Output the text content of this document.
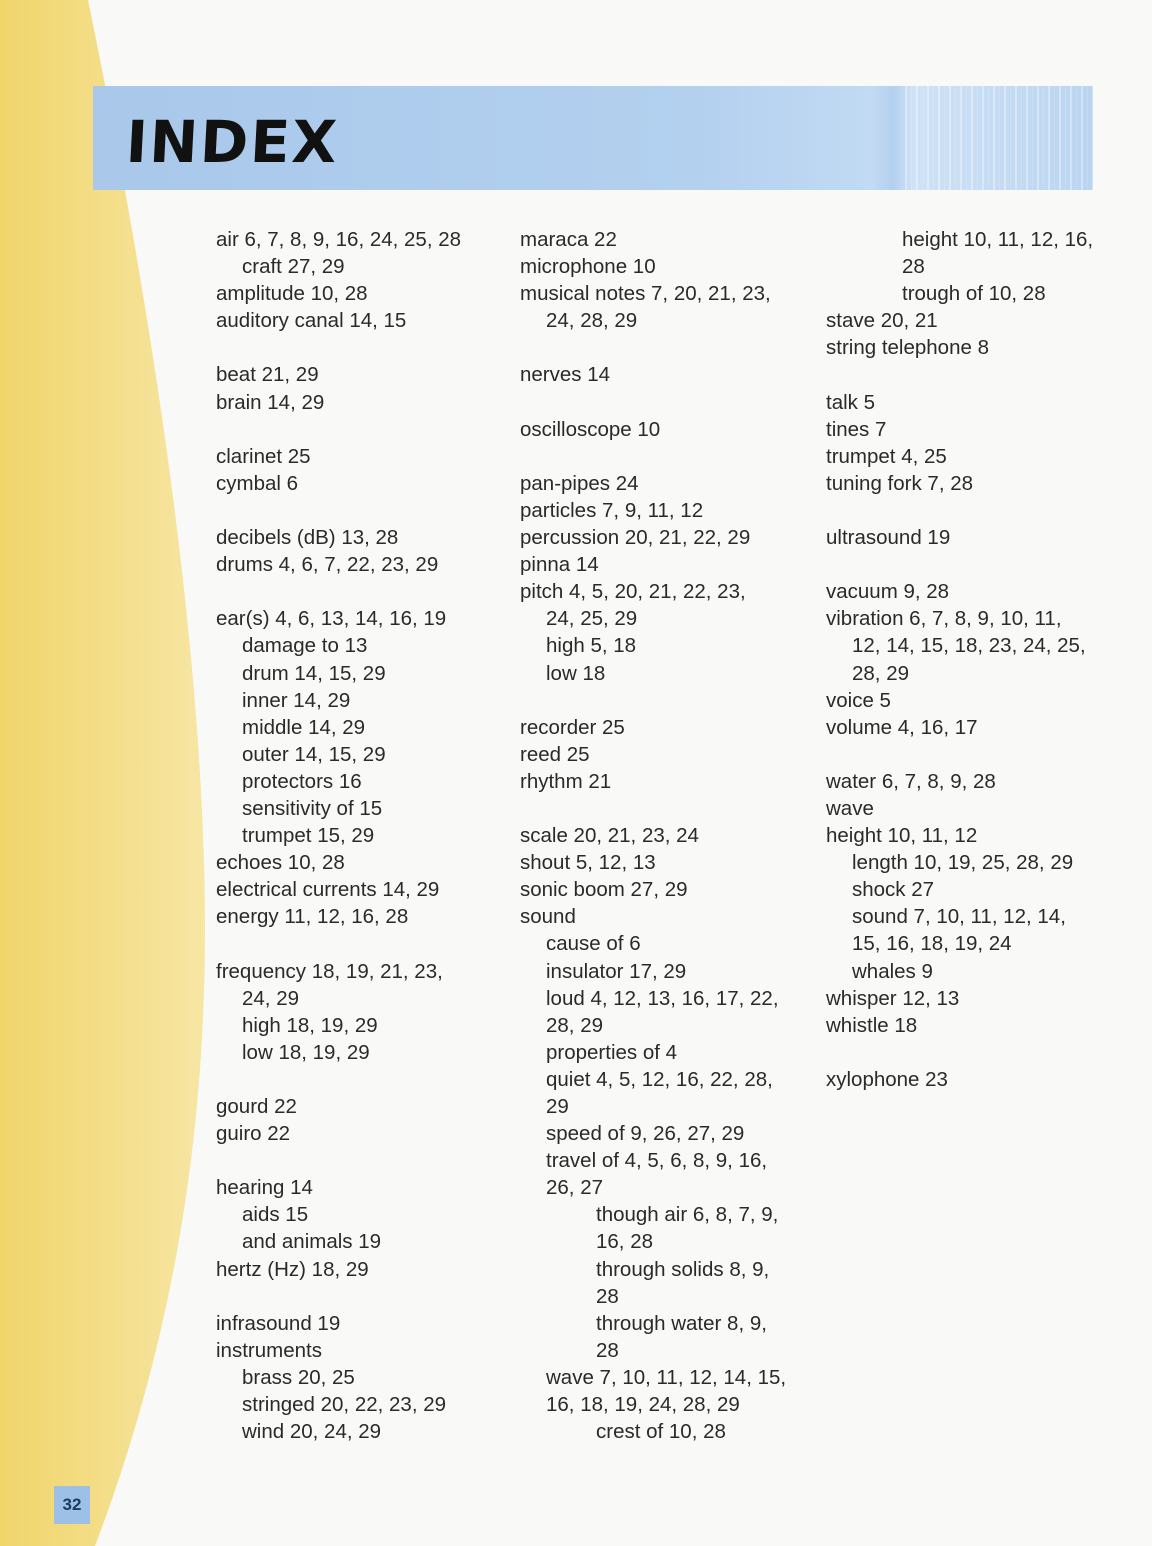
INDEX
air 6, 7, 8, 9, 16, 24, 25, 28
craft 27, 29
amplitude 10, 28
auditory canal 14, 15
beat 21, 29
brain 14, 29
clarinet 25
cymbal 6
decibels (dB) 13, 28
drums 4, 6, 7, 22, 23, 29
ear(s) 4, 6, 13, 14, 16, 19
damage to 13
drum 14, 15, 29
inner 14, 29
middle 14, 29
outer 14, 15, 29
protectors 16
sensitivity of 15
trumpet 15, 29
echoes 10, 28
electrical currents 14, 29
energy 11, 12, 16, 28
frequency 18, 19, 21, 23,
24, 29
high 18, 19, 29
low 18, 19, 29
gourd 22
guiro 22
hearing 14
aids 15
and animals 19
hertz (Hz) 18, 29
infrasound 19
instruments
brass 20, 25
stringed 20, 22, 23, 29
wind 20, 24, 29
maraca 22
microphone 10
musical notes 7, 20, 21, 23,
24, 28, 29
nerves 14
oscilloscope 10
pan-pipes 24
particles 7, 9, 11, 12
percussion 20, 21, 22, 29
pinna 14
pitch 4, 5, 20, 21, 22, 23,
24, 25, 29
high 5, 18
low 18
recorder 25
reed 25
rhythm 21
scale 20, 21, 23, 24
shout 5, 12, 13
sonic boom 27, 29
sound
cause of 6
insulator 17, 29
loud 4, 12, 13, 16, 17, 22,
28, 29
properties of 4
quiet 4, 5, 12, 16, 22, 28,
29
speed of 9, 26, 27, 29
travel of 4, 5, 6, 8, 9, 16,
26, 27
though air 6, 8, 7, 9,
16, 28
through solids 8, 9,
28
through water 8, 9,
28
wave 7, 10, 11, 12, 14, 15,
16, 18, 19, 24, 28, 29
crest of 10, 28
height 10, 11, 12, 16,
28
trough of 10, 28
stave 20, 21
string telephone 8
talk 5
tines 7
trumpet 4, 25
tuning fork 7, 28
ultrasound 19
vacuum 9, 28
vibration 6, 7, 8, 9, 10, 11,
12, 14, 15, 18, 23, 24, 25,
28, 29
voice 5
volume 4, 16, 17
water 6, 7, 8, 9, 28
wave
height 10, 11, 12
length 10, 19, 25, 28, 29
shock 27
sound 7, 10, 11, 12, 14,
15, 16, 18, 19, 24
whales 9
whisper 12, 13
whistle 18
xylophone 23
32
